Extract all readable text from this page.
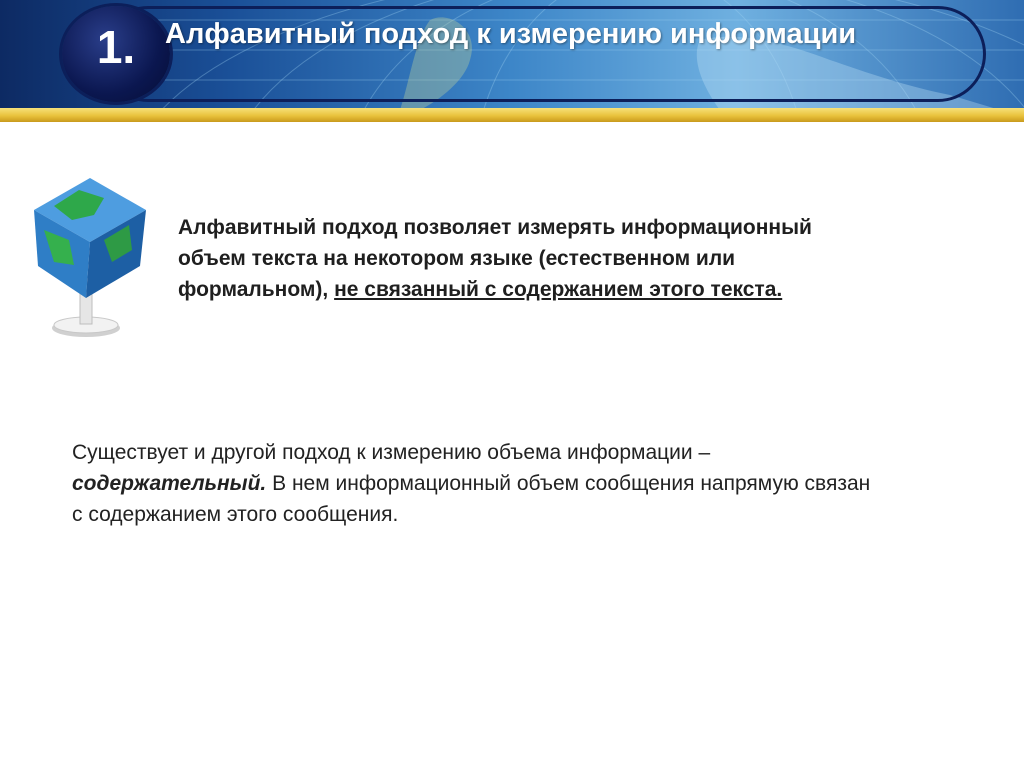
1.	Алфавитный подход к измерению информации
Алфавитный подход позволяет измерять информационный объем текста на некотором языке (естественном или формальном), не связанный с содержанием этого текста.
Существует и другой подход к измерению объема информации – содержательный. В нем информационный объем сообщения напрямую связан с содержанием этого сообщения.
